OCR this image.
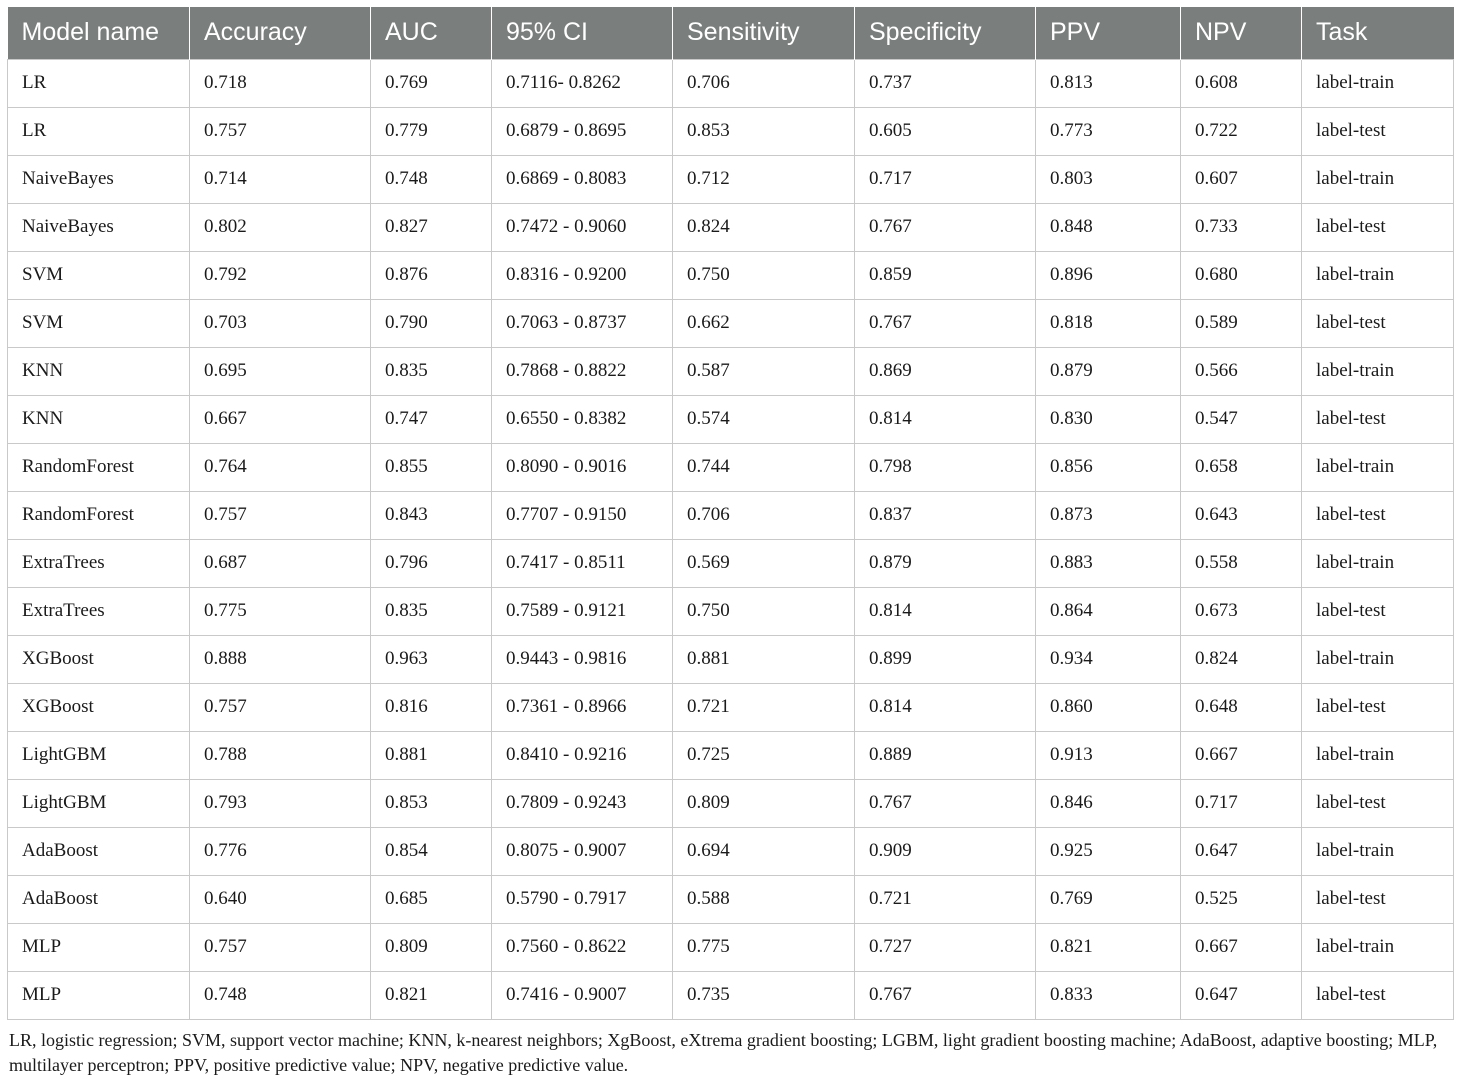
Model name	Accuracy	AUC	95% CI	Sensitivity	Specificity	PPV	NPV	Task
LR	0.718	0.769	0.7116- 0.8262	0.706	0.737	0.813	0.608	label-train
LR	0.757	0.779	0.6879 - 0.8695	0.853	0.605	0.773	0.722	label-test
NaiveBayes	0.714	0.748	0.6869 - 0.8083	0.712	0.717	0.803	0.607	label-train
NaiveBayes	0.802	0.827	0.7472 - 0.9060	0.824	0.767	0.848	0.733	label-test
SVM	0.792	0.876	0.8316 - 0.9200	0.750	0.859	0.896	0.680	label-train
SVM	0.703	0.790	0.7063 - 0.8737	0.662	0.767	0.818	0.589	label-test
KNN	0.695	0.835	0.7868 - 0.8822	0.587	0.869	0.879	0.566	label-train
KNN	0.667	0.747	0.6550 - 0.8382	0.574	0.814	0.830	0.547	label-test
RandomForest	0.764	0.855	0.8090 - 0.9016	0.744	0.798	0.856	0.658	label-train
RandomForest	0.757	0.843	0.7707 - 0.9150	0.706	0.837	0.873	0.643	label-test
ExtraTrees	0.687	0.796	0.7417 - 0.8511	0.569	0.879	0.883	0.558	label-train
ExtraTrees	0.775	0.835	0.7589 - 0.9121	0.750	0.814	0.864	0.673	label-test
XGBoost	0.888	0.963	0.9443 - 0.9816	0.881	0.899	0.934	0.824	label-train
XGBoost	0.757	0.816	0.7361 - 0.8966	0.721	0.814	0.860	0.648	label-test
LightGBM	0.788	0.881	0.8410 - 0.9216	0.725	0.889	0.913	0.667	label-train
LightGBM	0.793	0.853	0.7809 - 0.9243	0.809	0.767	0.846	0.717	label-test
AdaBoost	0.776	0.854	0.8075 - 0.9007	0.694	0.909	0.925	0.647	label-train
AdaBoost	0.640	0.685	0.5790 - 0.7917	0.588	0.721	0.769	0.525	label-test
MLP	0.757	0.809	0.7560 - 0.8622	0.775	0.727	0.821	0.667	label-train
MLP	0.748	0.821	0.7416 - 0.9007	0.735	0.767	0.833	0.647	label-test
LR, logistic regression; SVM, support vector machine; KNN, k-nearest neighbors; XgBoost, eXtrema gradient boosting; LGBM, light gradient boosting machine; AdaBoost, adaptive boosting; MLP, multilayer perceptron; PPV, positive predictive value; NPV, negative predictive value.
